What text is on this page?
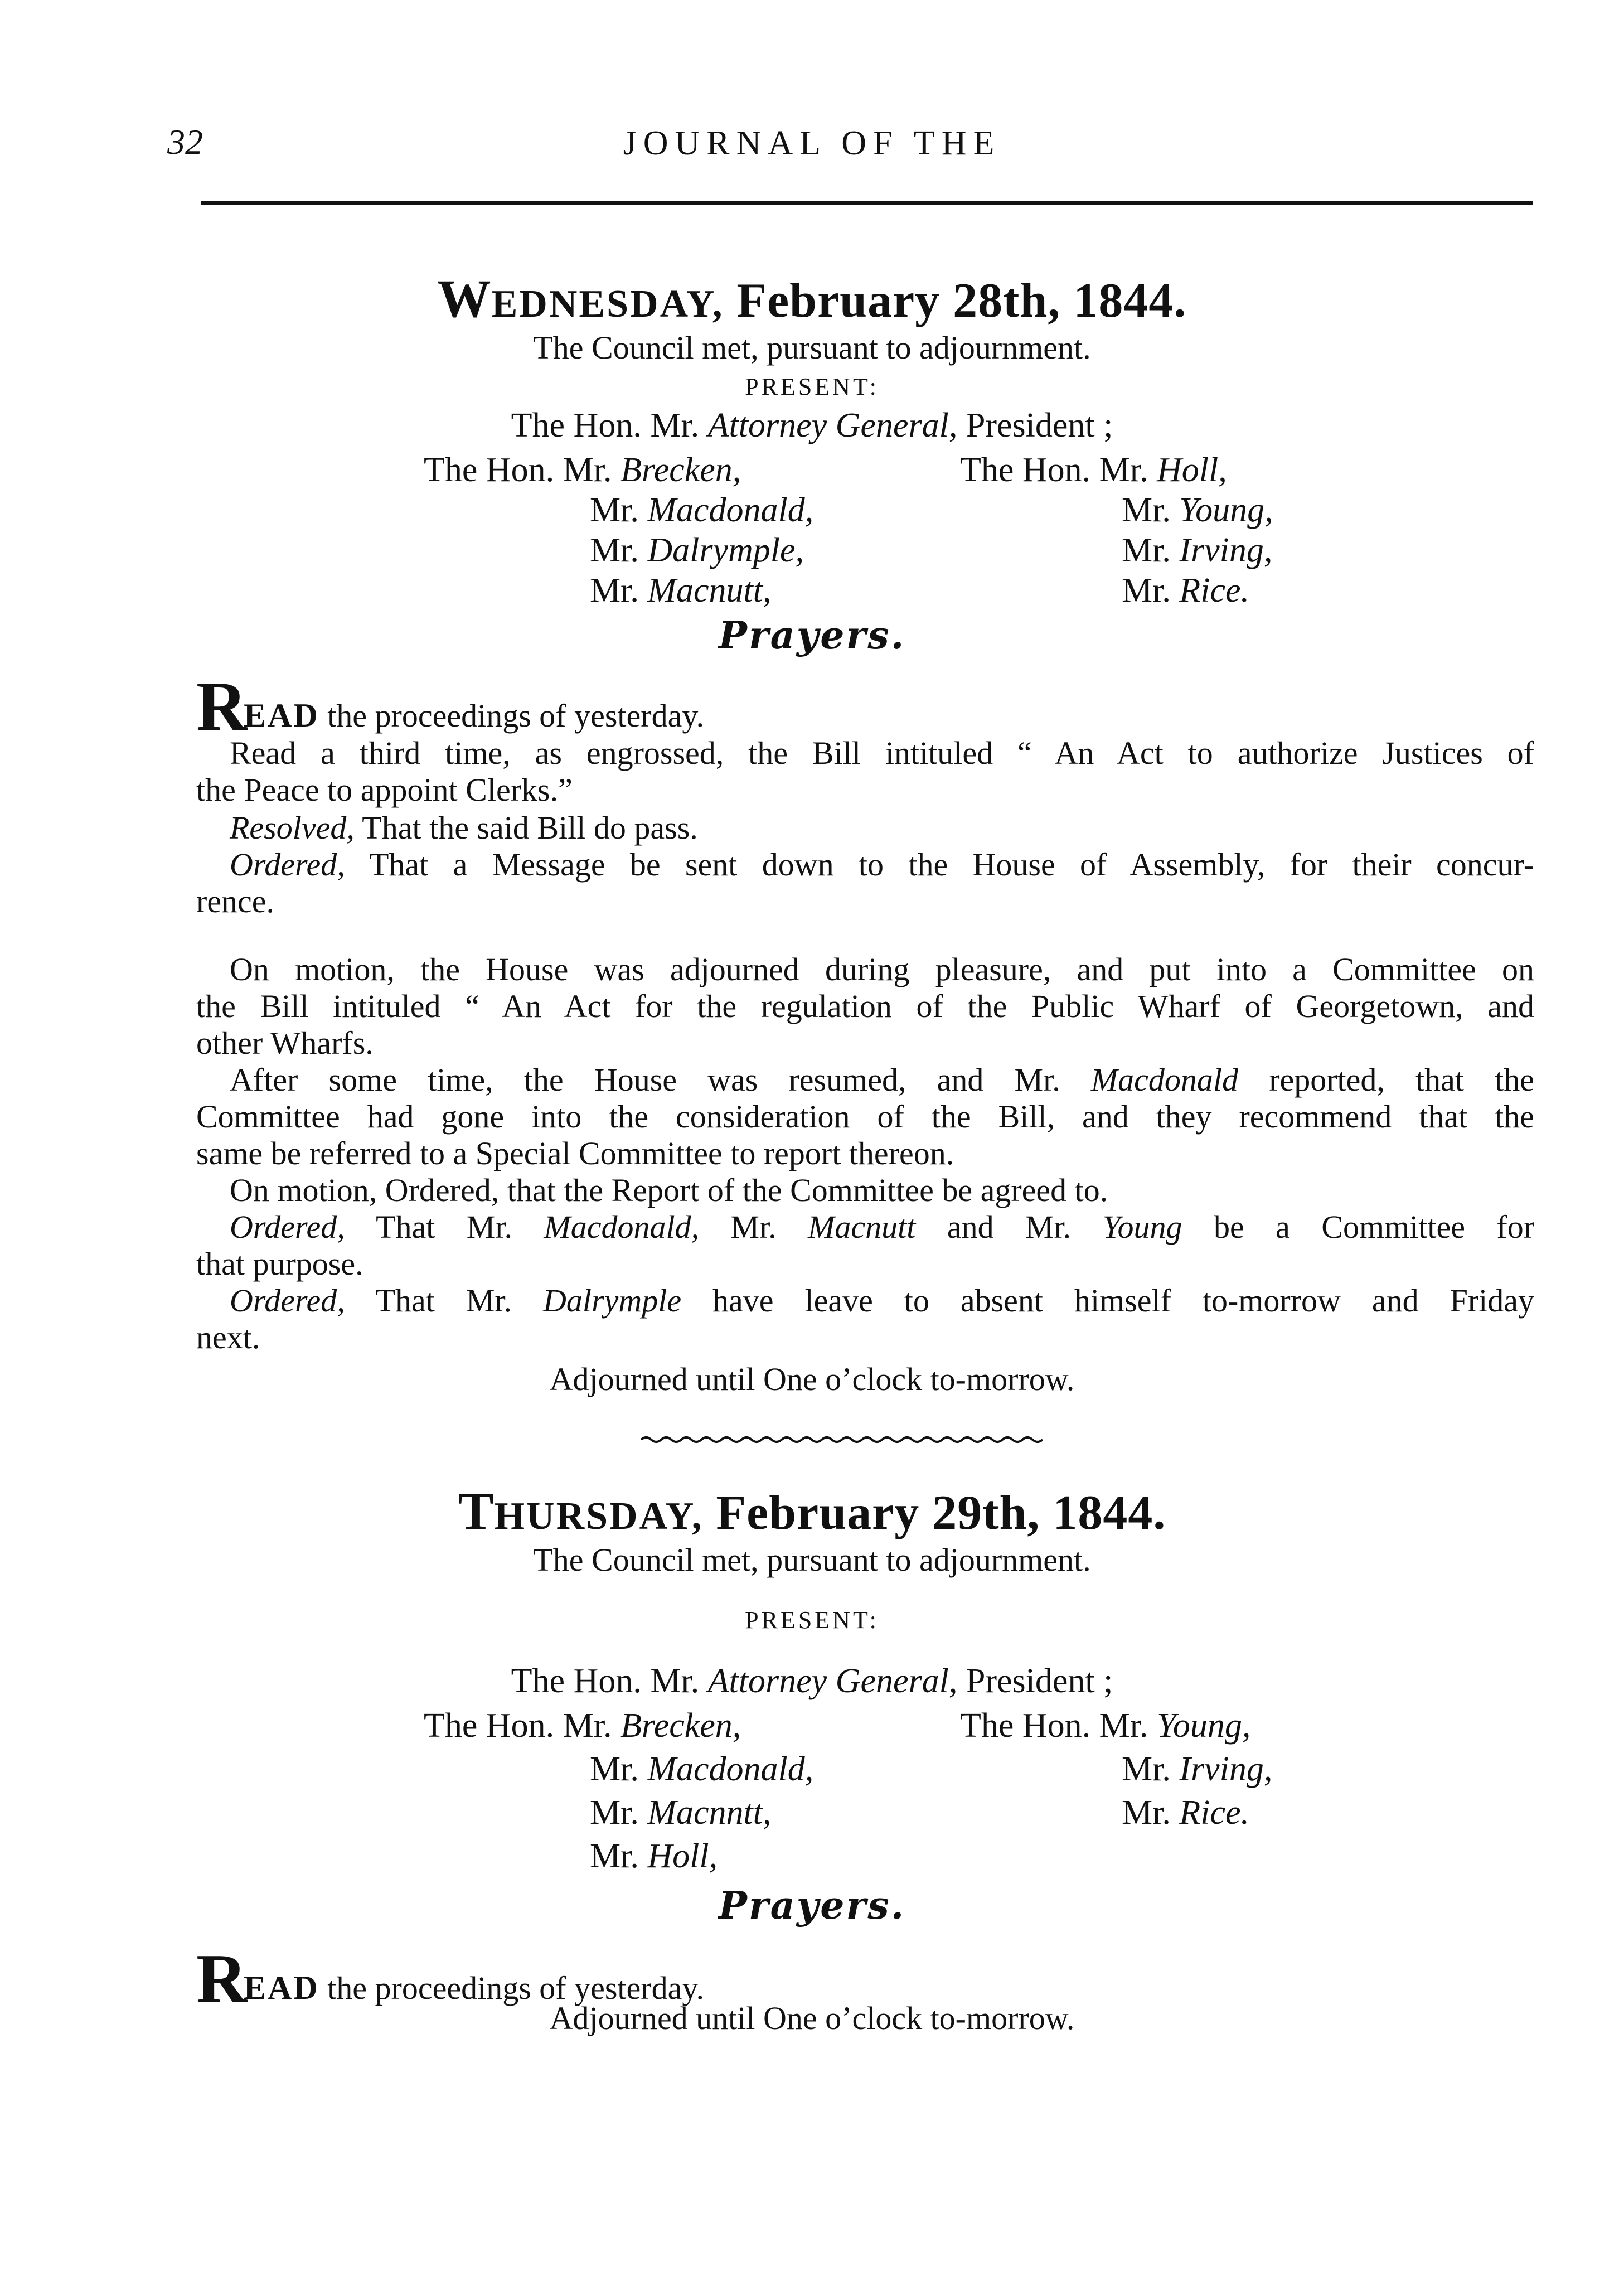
32	JOURNAL OF THE
WEDNESDAY, February 28th, 1844.
The Council met, pursuant to adjournment.
PRESENT:
The Hon. Mr. Attorney General, President ;
The Hon. Mr. Brecken,
Mr. Macdonald,
Mr. Dalrymple,
Mr. Macnutt,
The Hon. Mr. Holl,
Mr. Young,
Mr. Irving,
Mr. Rice.
Prayers.
READ the proceedings of yesterday.
Read a third time, as engrossed, the Bill intituled “ An Act to authorize Justices of
the Peace to appoint Clerks.”
Resolved, That the said Bill do pass.
Ordered, That a Message be sent down to the House of Assembly, for their concur-
rence.
On motion, the House was adjourned during pleasure, and put into a Committee on
the Bill intituled “ An Act for the regulation of the Public Wharf of Georgetown, and
other Wharfs.
After some time, the House was resumed, and Mr. Macdonald reported, that the
Committee had gone into the consideration of the Bill, and they recommend that the
same be referred to a Special Committee to report thereon.
On motion, Ordered, that the Report of the Committee be agreed to.
Ordered, That Mr. Macdonald, Mr. Macnutt and Mr. Young be a Committee for
that purpose.
Ordered, That Mr. Dalrymple have leave to absent himself to-morrow and Friday
next.
Adjourned until One o’clock to-morrow.
THURSDAY, February 29th, 1844.
The Council met, pursuant to adjournment.
PRESENT:
The Hon. Mr. Attorney General, President ;
The Hon. Mr. Brecken,
Mr. Macdonald,
Mr. Macnntt,
Mr. Holl,
The Hon. Mr. Young,
Mr. Irving,
Mr. Rice.
Prayers.
READ the proceedings of yesterday.
Adjourned until One o’clock to-morrow.
